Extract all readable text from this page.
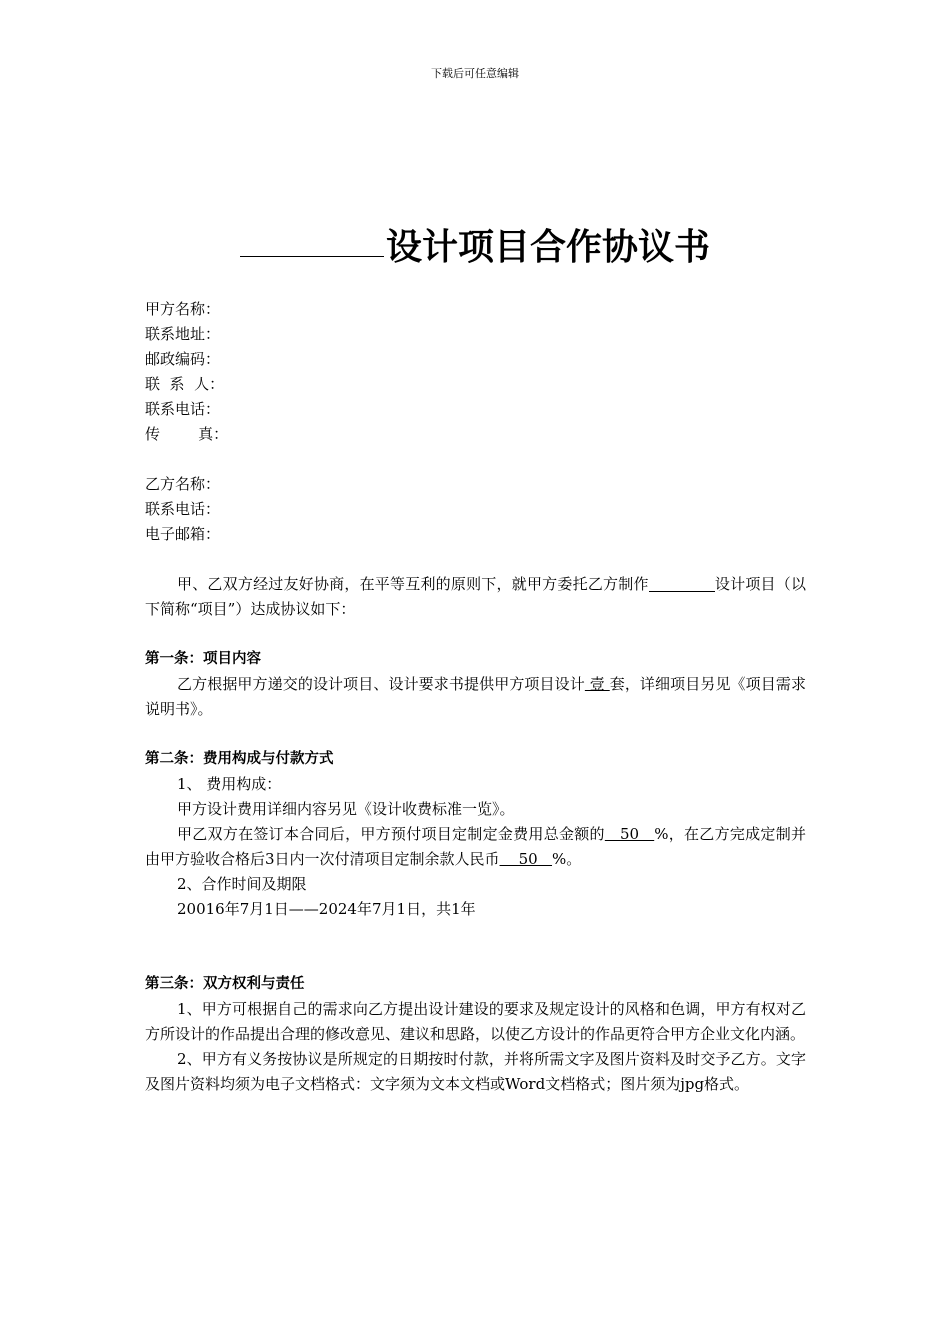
下载后可任意编辑
设计项目合作协议书
甲方名称：
联系地址：
邮政编码：
联  系  人：
联系电话：
传        真：
乙方名称：
联系电话：
电子邮箱：
甲、乙双方经过友好协商，在平等互利的原则下，就甲方委托乙方制作	设计项目（以下简称“项目”）达成协议如下：
第一条：项目内容
乙方根据甲方递交的设计项目、设计要求书提供甲方项目设计 壹 套，详细项目另见《项目需求说明书》。
第二条：费用构成与付款方式
1、 费用构成：
甲方设计费用详细内容另见《设计收费标准一览》。
甲乙双方在签订本合同后，甲方预付项目定制定金费用总金额的   50   %，在乙方完成定制并由甲方验收合格后3日内一次付清项目定制余款人民币    50   %。
2、合作时间及期限
20016年7月1日——2024年7月1日，共1年
第三条：双方权利与责任
1、甲方可根据自己的需求向乙方提出设计建设的要求及规定设计的风格和色调，甲方有权对乙方所设计的作品提出合理的修改意见、建议和思路，以使乙方设计的作品更符合甲方企业文化内涵。
2、甲方有义务按协议是所规定的日期按时付款，并将所需文字及图片资料及时交予乙方。文字及图片资料均须为电子文档格式：文字须为文本文档或Word文档格式；图片须为jpg格式。
